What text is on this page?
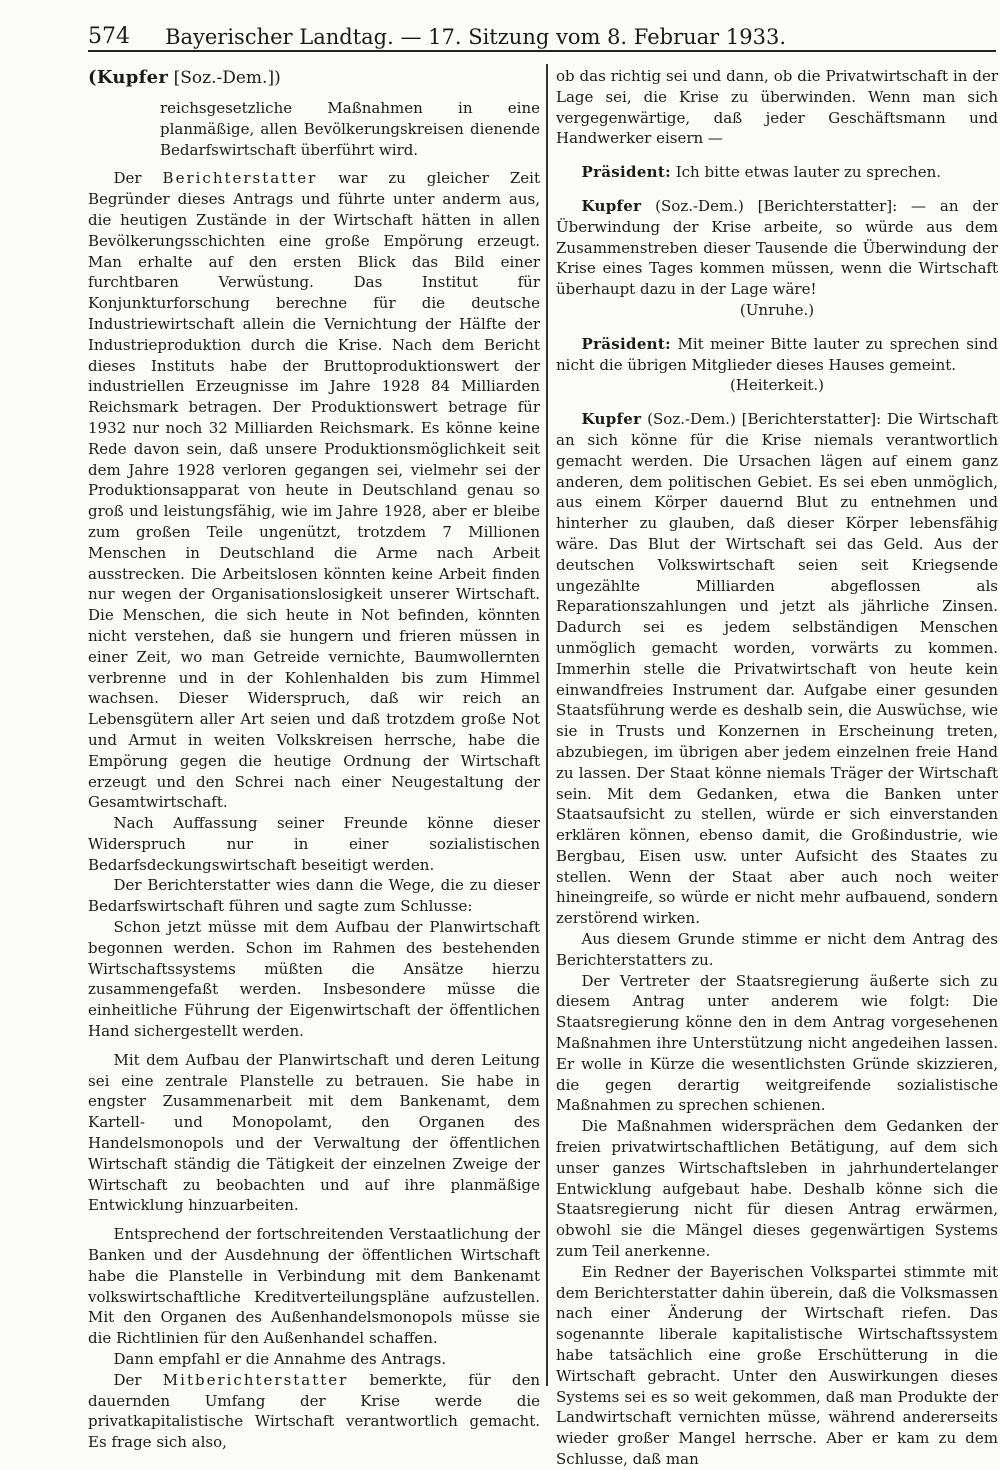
574 Bayerischer Landtag. — 17. Sitzung vom 8. Februar 1933.

(Kupfer [Soz.-Dem.])

reichsgesetzliche Maßnahmen in eine planmäßige, allen Bevölkerungskreisen dienende Bedarfswirtschaft überführt wird.

Der Berichterstatter war zu gleicher Zeit Begründer dieses Antrags und führte unter anderm aus, die heutigen Zustände in der Wirtschaft hätten in allen Bevölkerungsschichten eine große Empörung erzeugt. Man erhalte auf den ersten Blick das Bild einer furchtbaren Verwüstung. Das Institut für Konjunkturforschung berechne für die deutsche Industriewirtschaft allein die Vernichtung der Hälfte der Industrieproduktion durch die Krise. Nach dem Bericht dieses Instituts habe der Bruttoproduktionswert der industriellen Erzeugnisse im Jahre 1928 84 Milliarden Reichsmark betragen. Der Produktionswert betrage für 1932 nur noch 32 Milliarden Reichsmark. Es könne keine Rede davon sein, daß unsere Produktionsmöglichkeit seit dem Jahre 1928 verloren gegangen sei, vielmehr sei der Produktionsapparat von heute in Deutschland genau so groß und leistungsfähig, wie im Jahre 1928, aber er bleibe zum großen Teile ungenützt, trotzdem 7 Millionen Menschen in Deutschland die Arme nach Arbeit ausstrecken. Die Arbeitslosen könnten keine Arbeit finden nur wegen der Organisationslosigkeit unserer Wirtschaft. Die Menschen, die sich heute in Not befinden, könnten nicht verstehen, daß sie hungern und frieren müssen in einer Zeit, wo man Getreide vernichte, Baumwollernten verbrenne und in der Kohlenhalden bis zum Himmel wachsen. Dieser Widerspruch, daß wir reich an Lebensgütern aller Art seien und daß trotzdem große Not und Armut in weiten Volkskreisen herrsche, habe die Empörung gegen die heutige Ordnung der Wirtschaft erzeugt und den Schrei nach einer Neugestaltung der Gesamtwirtschaft.

Nach Auffassung seiner Freunde könne dieser Widerspruch nur in einer sozialistischen Bedarfsdeckungswirtschaft beseitigt werden.

Der Berichterstatter wies dann die Wege, die zu dieser Bedarfswirtschaft führen und sagte zum Schlusse:

Schon jetzt müsse mit dem Aufbau der Planwirtschaft begonnen werden. Schon im Rahmen des bestehenden Wirtschaftssystems müßten die Ansätze hierzu zusammengefaßt werden. Insbesondere müsse die einheitliche Führung der Eigenwirtschaft der öffentlichen Hand sichergestellt werden.

Mit dem Aufbau der Planwirtschaft und deren Leitung sei eine zentrale Planstelle zu betrauen. Sie habe in engster Zusammenarbeit mit dem Bankenamt, dem Kartell- und Monopolamt, den Organen des Handelsmonopols und der Verwaltung der öffentlichen Wirtschaft ständig die Tätigkeit der einzelnen Zweige der Wirtschaft zu beobachten und auf ihre planmäßige Entwicklung hinzuarbeiten.

Entsprechend der fortschreitenden Verstaatlichung der Banken und der Ausdehnung der öffentlichen Wirtschaft habe die Planstelle in Verbindung mit dem Bankenamt volkswirtschaftliche Kreditverteilungspläne aufzustellen. Mit den Organen des Außenhandelsmonopols müsse sie die Richtlinien für den Außenhandel schaffen.

Dann empfahl er die Annahme des Antrags.

Der Mitberichterstatter bemerkte, für den dauernden Umfang der Krise werde die privatkapitalistische Wirtschaft verantwortlich gemacht. Es frage sich also,

ob das richtig sei und dann, ob die Privatwirtschaft in der Lage sei, die Krise zu überwinden. Wenn man sich vergegenwärtige, daß jeder Geschäftsmann und Handwerker eisern —

Präsident: Ich bitte etwas lauter zu sprechen.

Kupfer (Soz.-Dem.) [Berichterstatter]: — an der Überwindung der Krise arbeite, so würde aus dem Zusammenstreben dieser Tausende die Überwindung der Krise eines Tages kommen müssen, wenn die Wirtschaft überhaupt dazu in der Lage wäre!

(Unruhe.)

Präsident: Mit meiner Bitte lauter zu sprechen sind nicht die übrigen Mitglieder dieses Hauses gemeint.

(Heiterkeit.)

Kupfer (Soz.-Dem.) [Berichterstatter]: Die Wirtschaft an sich könne für die Krise niemals verantwortlich gemacht werden. Die Ursachen lägen auf einem ganz anderen, dem politischen Gebiet. Es sei eben unmöglich, aus einem Körper dauernd Blut zu entnehmen und hinterher zu glauben, daß dieser Körper lebensfähig wäre. Das Blut der Wirtschaft sei das Geld. Aus der deutschen Volkswirtschaft seien seit Kriegsende ungezählte Milliarden abgeflossen als Reparationszahlungen und jetzt als jährliche Zinsen. Dadurch sei es jedem selbständigen Menschen unmöglich gemacht worden, vorwärts zu kommen. Immerhin stelle die Privatwirtschaft von heute kein einwandfreies Instrument dar. Aufgabe einer gesunden Staatsführung werde es deshalb sein, die Auswüchse, wie sie in Trusts und Konzernen in Erscheinung treten, abzubiegen, im übrigen aber jedem einzelnen freie Hand zu lassen. Der Staat könne niemals Träger der Wirtschaft sein. Mit dem Gedanken, etwa die Banken unter Staatsaufsicht zu stellen, würde er sich einverstanden erklären können, ebenso damit, die Großindustrie, wie Bergbau, Eisen usw. unter Aufsicht des Staates zu stellen. Wenn der Staat aber auch noch weiter hineingreife, so würde er nicht mehr aufbauend, sondern zerstörend wirken.

Aus diesem Grunde stimme er nicht dem Antrag des Berichterstatters zu.

Der Vertreter der Staatsregierung äußerte sich zu diesem Antrag unter anderem wie folgt: Die Staatsregierung könne den in dem Antrag vorgesehenen Maßnahmen ihre Unterstützung nicht angedeihen lassen. Er wolle in Kürze die wesentlichsten Gründe skizzieren, die gegen derartig weitgreifende sozialistische Maßnahmen zu sprechen schienen.

Die Maßnahmen widersprächen dem Gedanken der freien privatwirtschaftlichen Betätigung, auf dem sich unser ganzes Wirtschaftsleben in jahrhundertelanger Entwicklung aufgebaut habe. Deshalb könne sich die Staatsregierung nicht für diesen Antrag erwärmen, obwohl sie die Mängel dieses gegenwärtigen Systems zum Teil anerkenne.

Ein Redner der Bayerischen Volkspartei stimmte mit dem Berichterstatter dahin überein, daß die Volksmassen nach einer Änderung der Wirtschaft riefen. Das sogenannte liberale kapitalistische Wirtschaftssystem habe tatsächlich eine große Erschütterung in die Wirtschaft gebracht. Unter den Auswirkungen dieses Systems sei es so weit gekommen, daß man Produkte der Landwirtschaft vernichten müsse, während andererseits wieder großer Mangel herrsche. Aber er kam zu dem Schlusse, daß man
